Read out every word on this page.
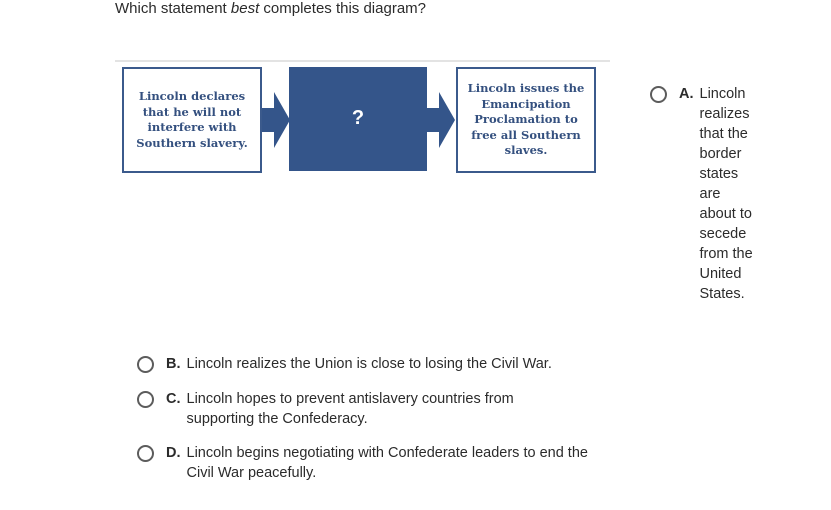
Which statement best completes this diagram?
Lincoln declares that he will not interfere with Southern slavery.
?
Lincoln issues the Emancipation Proclamation to free all Southern slaves.
A. Lincoln realizes that the border states are about to secede from the United States.
B. Lincoln realizes the Union is close to losing the Civil War.
C. Lincoln hopes to prevent antislavery countries from supporting the Confederacy.
D. Lincoln begins negotiating with Confederate leaders to end the Civil War peacefully.
